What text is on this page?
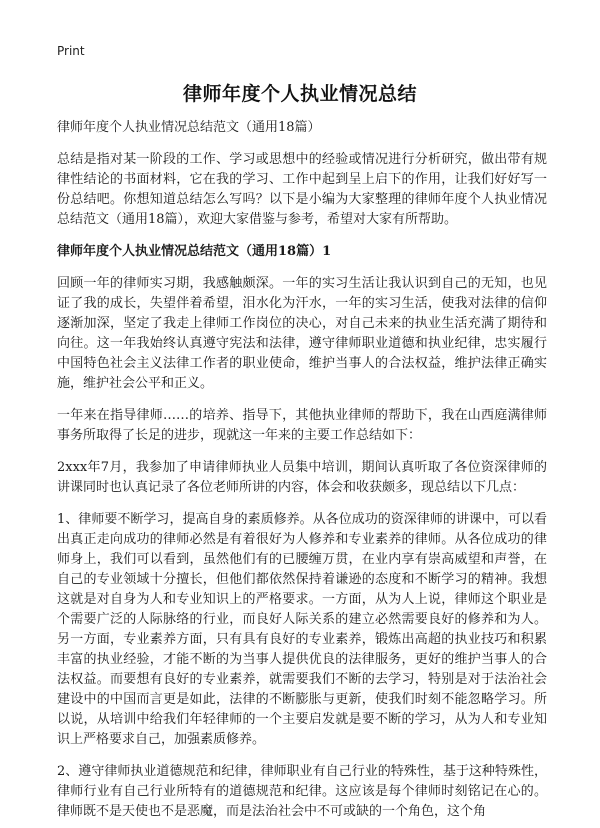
Print
律师年度个人执业情况总结

律师年度个人执业情况总结范文（通用18篇）

总结是指对某一阶段的工作、学习或思想中的经验或情况进行分析研究，做出带有规律性结论的书面材料，它在我的学习、工作中起到呈上启下的作用，让我们好好写一份总结吧。你想知道总结怎么写吗？以下是小编为大家整理的律师年度个人执业情况总结范文（通用18篇），欢迎大家借鉴与参考，希望对大家有所帮助。

律师年度个人执业情况总结范文（通用18篇）1

回顾一年的律师实习期，我感触颇深。一年的实习生活让我认识到自己的无知，也见证了我的成长，失望伴着希望，泪水化为汗水，一年的实习生活，使我对法律的信仰逐渐加深，坚定了我走上律师工作岗位的决心，对自己未来的执业生活充满了期待和向往。这一年我始终认真遵守宪法和法律，遵守律师职业道德和执业纪律，忠实履行中国特色社会主义法律工作者的职业使命，维护当事人的合法权益，维护法律正确实施，维护社会公平和正义。

一年来在指导律师……的培养、指导下，其他执业律师的帮助下，我在山西庭满律师事务所取得了长足的进步，现就这一年来的主要工作总结如下：

2xxx年7月，我参加了申请律师执业人员集中培训，期间认真听取了各位资深律师的讲课同时也认真记录了各位老师所讲的内容，体会和收获颇多，现总结以下几点：

1、律师要不断学习，提高自身的素质修养。从各位成功的资深律师的讲课中，可以看出真正走向成功的律师必然是有着很好为人修养和专业素养的律师。从各位成功的律师身上，我们可以看到，虽然他们有的已腰缠万贯，在业内享有崇高威望和声誉，在自己的专业领域十分擅长，但他们都依然保持着谦逊的态度和不断学习的精神。我想这就是对自身为人和专业知识上的严格要求。一方面，从为人上说，律师这个职业是个需要广泛的人际脉络的行业，而良好人际关系的建立必然需要良好的修养和为人。另一方面，专业素养方面，只有具有良好的专业素养，锻炼出高超的执业技巧和积累丰富的执业经验，才能不断的为当事人提供优良的法律服务，更好的维护当事人的合法权益。而要想有良好的专业素养，就需要我们不断的去学习，特别是对于法治社会建设中的中国而言更是如此，法律的不断膨胀与更新，使我们时刻不能忽略学习。所以说，从培训中给我们年轻律师的一个主要启发就是要不断的学习，从为人和专业知识上严格要求自己，加强素质修养。

2、遵守律师执业道德规范和纪律，律师职业有自己行业的特殊性，基于这种特殊性，律师行业有自己行业所特有的道德规范和纪律。这应该是每个律师时刻铭记在心的。律师既不是天使也不是恶魔，而是法治社会中不可或缺的一个角色，这个角
